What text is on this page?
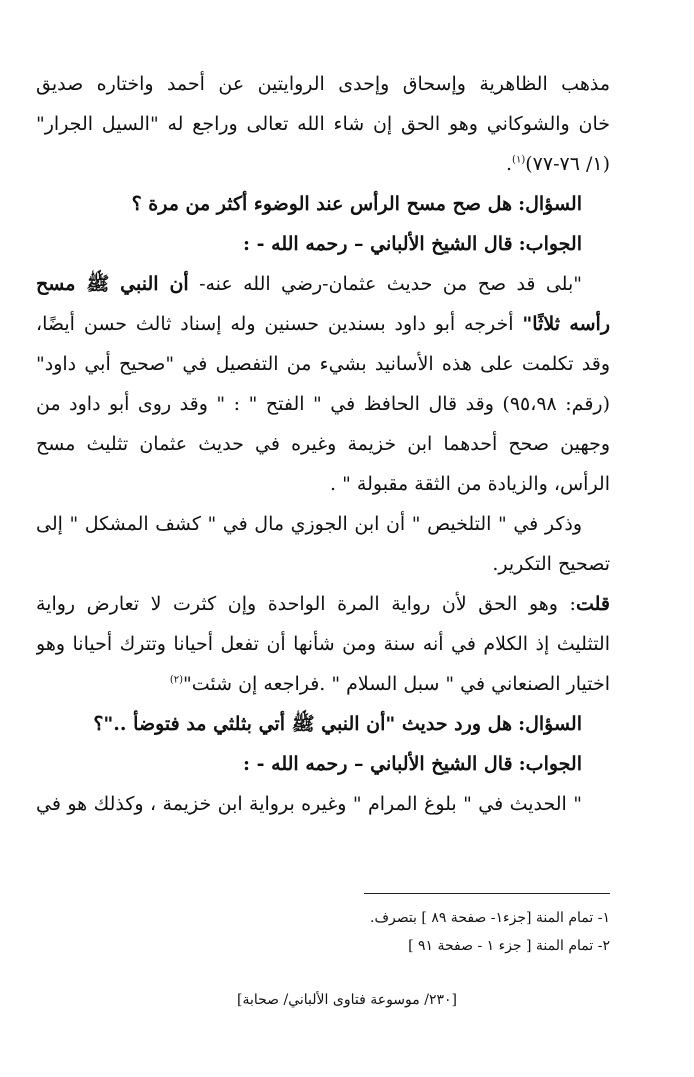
مذهب الظاهرية وإسحاق وإحدى الروايتين عن أحمد واختاره صديق
خان والشوكاني وهو الحق إن شاء الله تعالى وراجع له "السيل الجرار"
(١/ ٧٦-٧٧)$^{(١)}$.
السؤال: هل صح مسح الرأس عند الوضوء أكثر من مرة ؟
الجواب: قال الشيخ الألباني – رحمه الله - :
"بلى قد صح من حديث عثمان-رضي الله عنه- أن النبي ﷺ مسح
رأسه ثلاثًا" أخرجه أبو داود بسندين حسنين وله إسناد ثالث حسن أيضًا،
وقد تكلمت على هذه الأسانيد بشيء من التفصيل في "صحيح أبي داود"
(رقم: ٩٥،٩٨) وقد قال الحافظ في " الفتح " : " وقد روى أبو داود من
وجهين صحح أحدهما ابن خزيمة وغيره في حديث عثمان تثليث مسح
الرأس، والزيادة من الثقة مقبولة " .
وذكر في " التلخيص " أن ابن الجوزي مال في " كشف المشكل " إلى
تصحيح التكرير.
قلت: وهو الحق لأن رواية المرة الواحدة وإن كثرت لا تعارض رواية
التثليث إذ الكلام في أنه سنة ومن شأنها أن تفعل أحيانا وتترك أحيانا وهو
اختيار الصنعاني في " سبل السلام " .فراجعه إن شئت"$^{(٢)}$
السؤال: هل ورد حديث "أن النبي ﷺ أتي بثلثي مد فتوضأ .."؟
الجواب: قال الشيخ الألباني – رحمه الله - :
" الحديث في " بلوغ المرام " وغيره برواية ابن خزيمة ، وكذلك هو في
١- تمام المنة [جزء١- صفحة ٨٩ ] بتصرف.
٢- تمام المنة [ جزء ١ - صفحة ٩١ ]
[٢٣٠/ موسوعة فتاوى الألباني/ صحابة]
